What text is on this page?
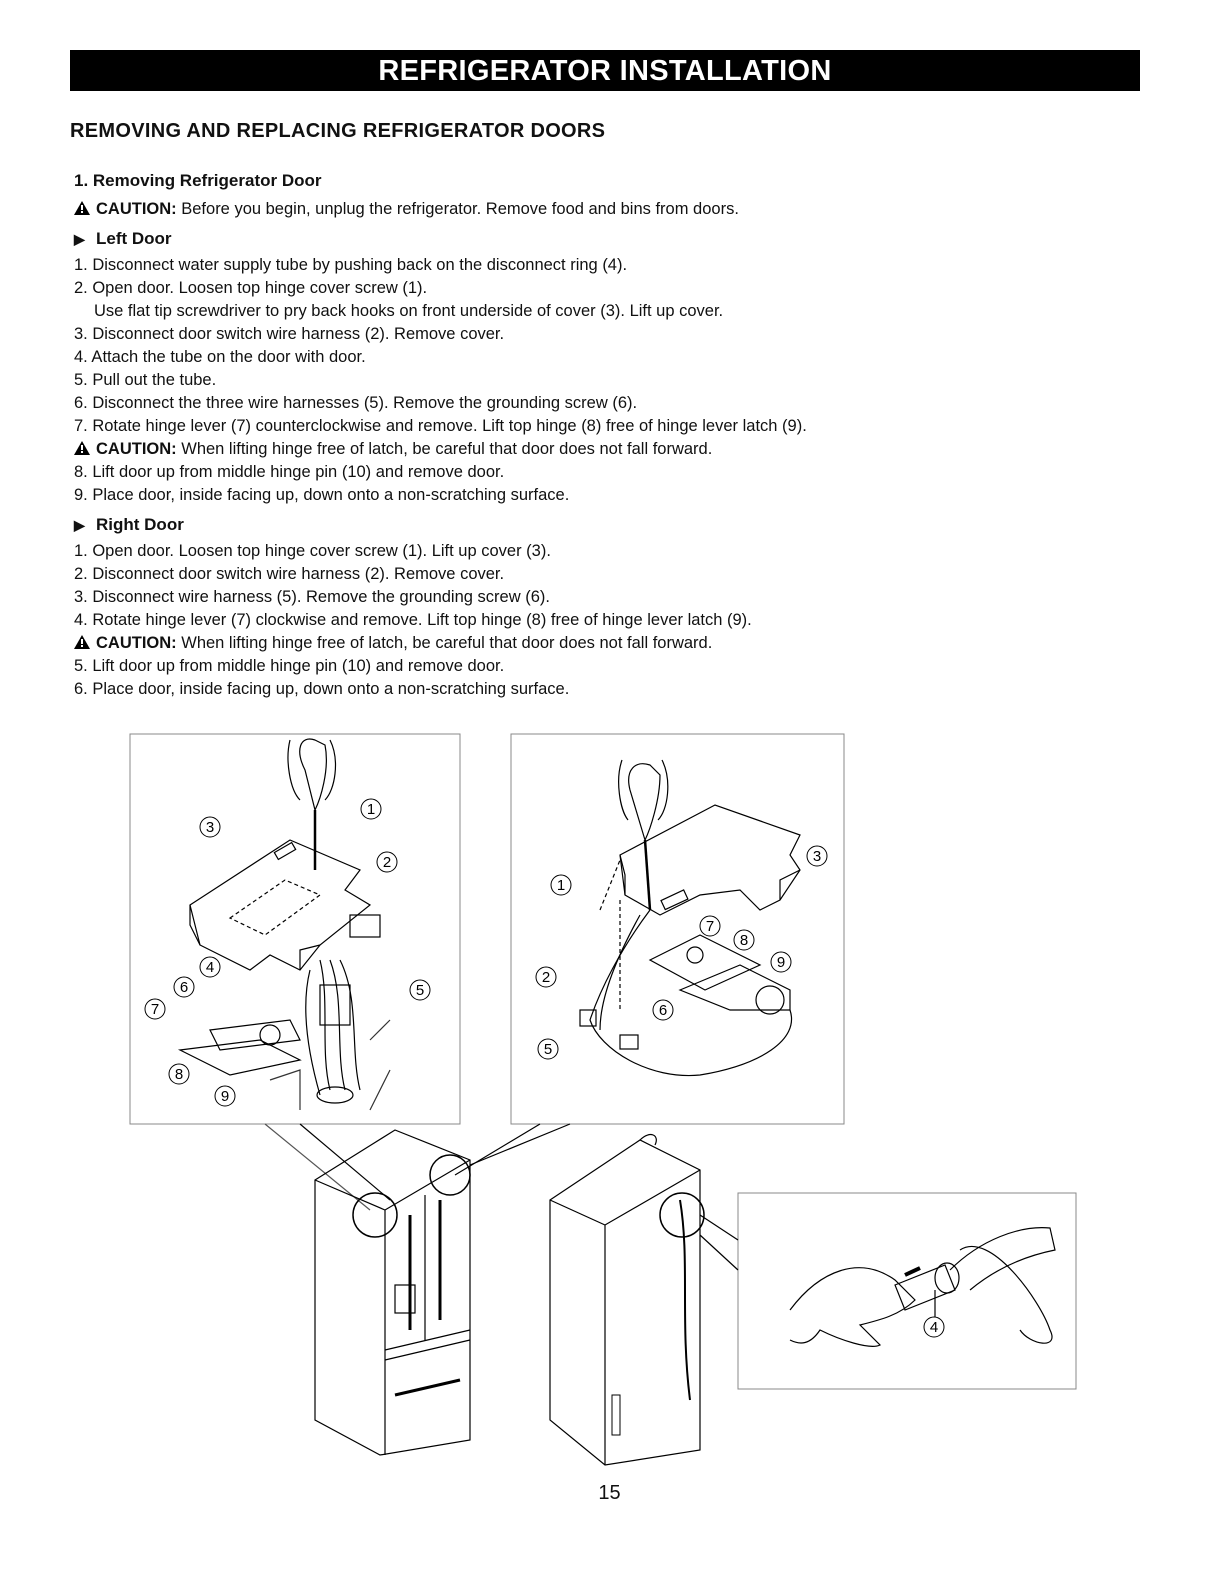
REFRIGERATOR INSTALLATION
REMOVING AND REPLACING REFRIGERATOR DOORS
1. Removing Refrigerator Door
CAUTION: Before you begin, unplug the refrigerator. Remove food and bins from doors.
▶ Left Door
1. Disconnect water supply tube by pushing back on the disconnect ring (4).
2. Open door. Loosen top hinge cover screw (1).
Use flat tip screwdriver to pry back hooks on front underside of cover (3). Lift up cover.
3. Disconnect door switch wire harness (2). Remove cover.
4. Attach the tube on the door with door.
5. Pull out the tube.
6. Disconnect the three wire harnesses (5). Remove the grounding screw (6).
7. Rotate hinge lever (7) counterclockwise and remove. Lift top hinge (8) free of hinge lever latch (9).
CAUTION: When lifting hinge free of latch, be careful that door does not fall forward.
8. Lift door up from middle hinge pin (10) and remove door.
9. Place door, inside facing up, down onto a non-scratching surface.
▶ Right Door
1. Open door. Loosen top hinge cover screw (1). Lift up cover (3).
2. Disconnect door switch wire harness (2). Remove cover.
3. Disconnect wire harness (5). Remove the grounding screw (6).
4. Rotate hinge lever (7) clockwise and remove. Lift top hinge (8) free of hinge lever latch (9).
CAUTION: When lifting hinge free of latch, be careful that door does not fall forward.
5. Lift door up from middle hinge pin (10) and remove door.
6. Place door, inside facing up, down onto a non-scratching surface.
3
1
2
4
6	5
7
8
9
1
3
7
8
9
2
6
5
4
15
